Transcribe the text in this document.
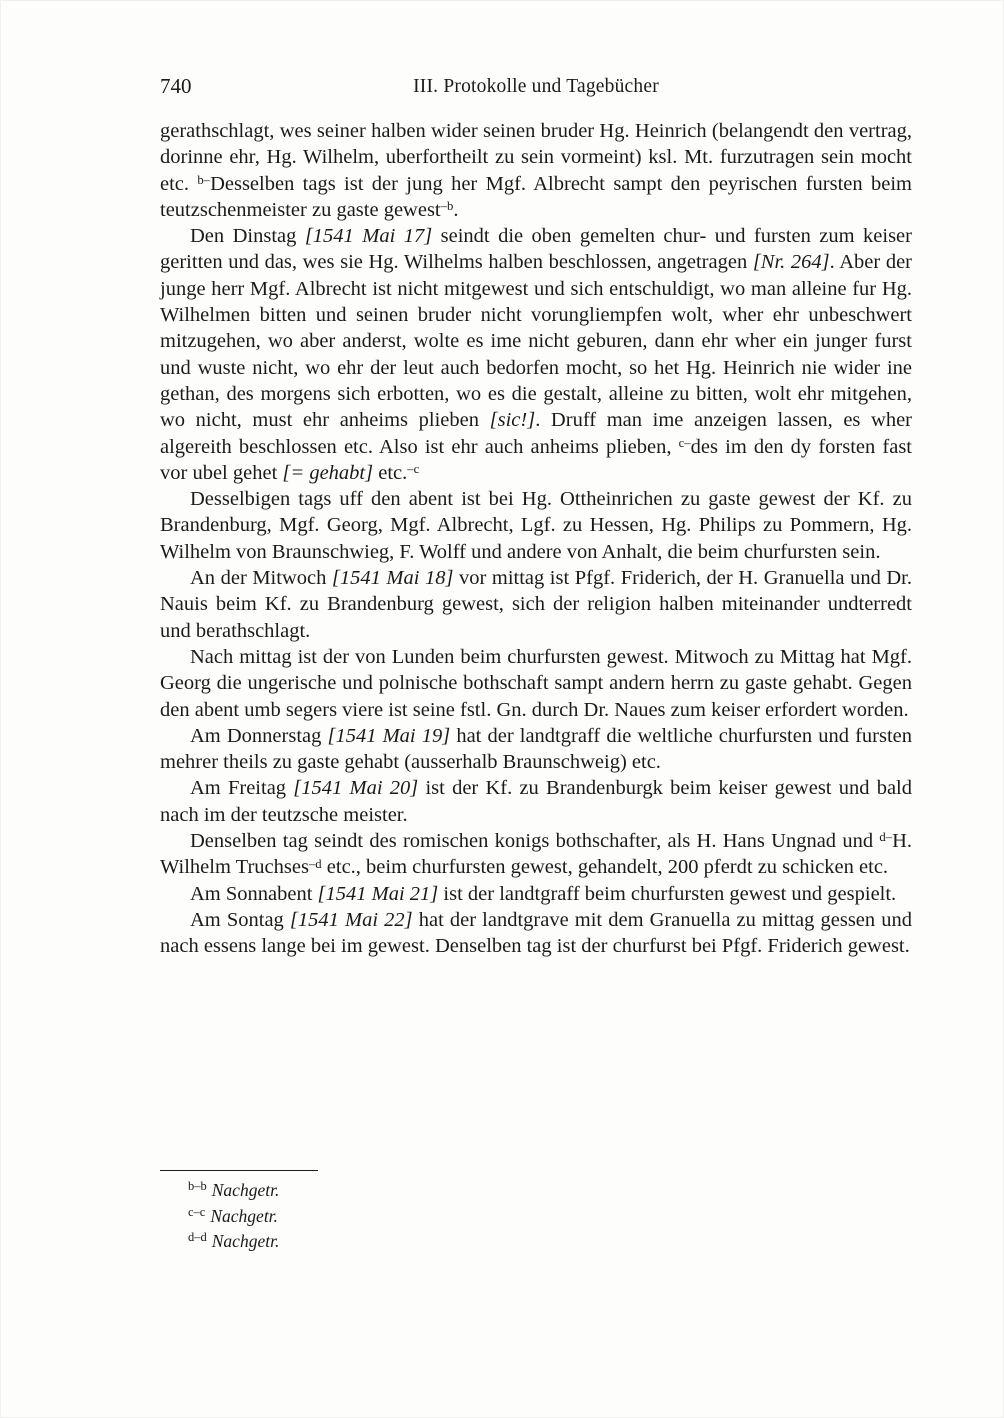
740	III. Protokolle und Tagebücher

gerathschlagt, wes seiner halben wider seinen bruder Hg. Heinrich (belangendt den vertrag, dorinne ehr, Hg. Wilhelm, uberfortheilt zu sein vormeint) ksl. Mt. furzutragen sein mocht etc. $^{b-}$Desselben tags ist der jung her Mgf. Albrecht sampt den peyrischen fursten beim teutzschenmeister zu gaste gewest$^{-b}$.

Den Dinstag [1541 Mai 17] seindt die oben gemelten chur- und fursten zum keiser geritten und das, wes sie Hg. Wilhelms halben beschlossen, angetragen [Nr. 264]. Aber der junge herr Mgf. Albrecht ist nicht mitgewest und sich entschuldigt, wo man alleine fur Hg. Wilhelmen bitten und seinen bruder nicht vorungliempfen wolt, wher ehr unbeschwert mitzugehen, wo aber anderst, wolte es ime nicht geburen, dann ehr wher ein junger furst und wuste nicht, wo ehr der leut auch bedorfen mocht, so het Hg. Heinrich nie wider ine gethan, des morgens sich erbotten, wo es die gestalt, alleine zu bitten, wolt ehr mitgehen, wo nicht, must ehr anheims plieben [sic!]. Druff man ime anzeigen lassen, es wher algereith beschlossen etc. Also ist ehr auch anheims plieben, $^{c-}$des im den dy forsten fast vor ubel gehet [= gehabt] etc.$^{-c}$

Desselbigen tags uff den abent ist bei Hg. Ottheinrichen zu gaste gewest der Kf. zu Brandenburg, Mgf. Georg, Mgf. Albrecht, Lgf. zu Hessen, Hg. Philips zu Pommern, Hg. Wilhelm von Braunschwieg, F. Wolff und andere von Anhalt, die beim churfursten sein.

An der Mitwoch [1541 Mai 18] vor mittag ist Pfgf. Friderich, der H. Granuella und Dr. Nauis beim Kf. zu Brandenburg gewest, sich der religion halben miteinander undterredt und berathschlagt.

Nach mittag ist der von Lunden beim churfursten gewest. Mitwoch zu Mittag hat Mgf. Georg die ungerische und polnische bothschaft sampt andern herrn zu gaste gehabt. Gegen den abent umb segers viere ist seine fstl. Gn. durch Dr. Naues zum keiser erfordert worden.

Am Donnerstag [1541 Mai 19] hat der landtgraff die weltliche churfursten und fursten mehrer theils zu gaste gehabt (ausserhalb Braunschweig) etc.

Am Freitag [1541 Mai 20] ist der Kf. zu Brandenburgk beim keiser gewest und bald nach im der teutzsche meister.

Denselben tag seindt des romischen konigs bothschafter, als H. Hans Ungnad und $^{d-}$H. Wilhelm Truchses$^{-d}$ etc., beim churfursten gewest, gehandelt, 200 pferdt zu schicken etc.

Am Sonnabent [1541 Mai 21] ist der landtgraff beim churfursten gewest und gespielt.

Am Sontag [1541 Mai 22] hat der landtgrave mit dem Granuella zu mittag gessen und nach essens lange bei im gewest. Denselben tag ist der churfurst bei Pfgf. Friderich gewest.

$^{b-b}$ Nachgetr.
$^{c-c}$ Nachgetr.
$^{d-d}$ Nachgetr.
